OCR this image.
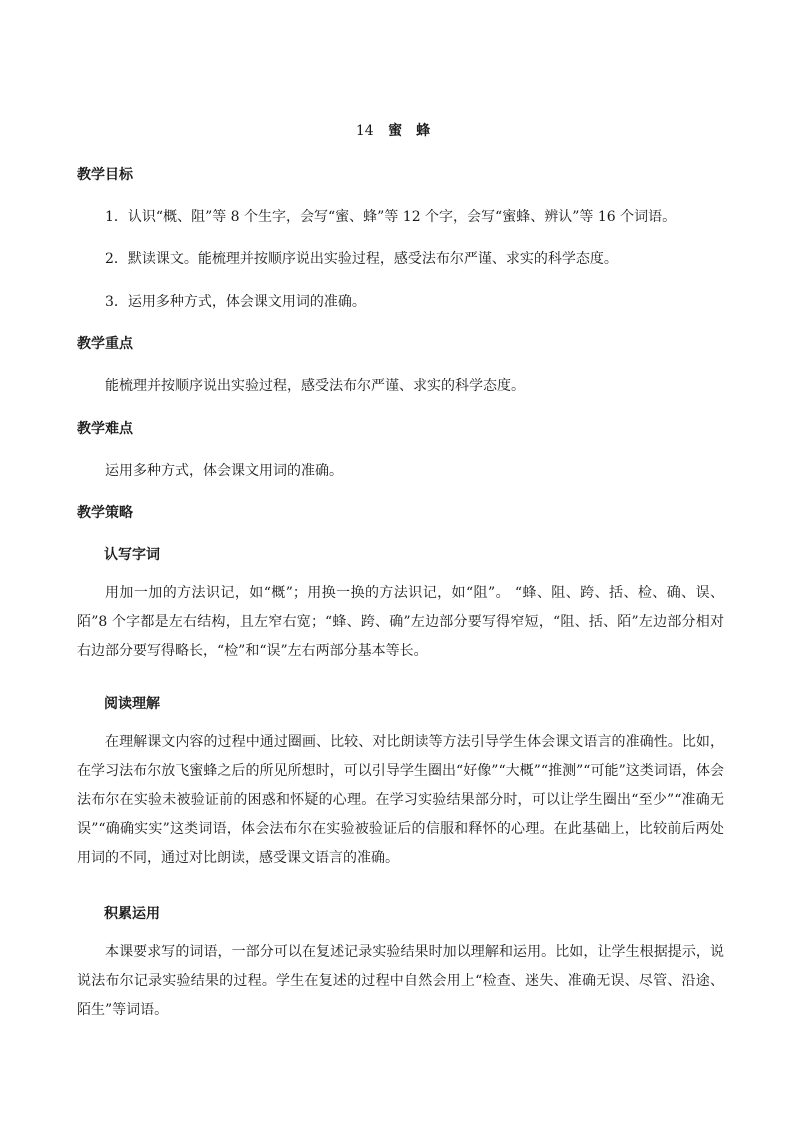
14 蜜蜂
教学目标
1．认识“概、阻”等 8 个生字，会写“蜜、蜂”等 12 个字，会写“蜜蜂、辨认”等 16 个词语。
2．默读课文。能梳理并按顺序说出实验过程，感受法布尔严谨、求实的科学态度。
3．运用多种方式，体会课文用词的准确。
教学重点
能梳理并按顺序说出实验过程，感受法布尔严谨、求实的科学态度。
教学难点
运用多种方式，体会课文用词的准确。
教学策略
认写字词
用加一加的方法识记，如“概”；用换一换的方法识记，如“阻”。 “蜂、阻、跨、括、检、确、误、陌”8 个字都是左右结构，且左窄右宽；“蜂、跨、确”左边部分要写得窄短，“阻、括、陌”左边部分相对右边部分要写得略长，“检”和“误”左右两部分基本等长。
阅读理解
在理解课文内容的过程中通过圈画、比较、对比朗读等方法引导学生体会课文语言的准确性。比如，在学习法布尔放飞蜜蜂之后的所见所想时，可以引导学生圈出“好像”“大概”“推测”“可能”这类词语，体会法布尔在实验未被验证前的困惑和怀疑的心理。在学习实验结果部分时，可以让学生圈出“至少”“准确无误”“确确实实”这类词语，体会法布尔在实验被验证后的信服和释怀的心理。在此基础上，比较前后两处用词的不同，通过对比朗读，感受课文语言的准确。
积累运用
本课要求写的词语，一部分可以在复述记录实验结果时加以理解和运用。比如，让学生根据提示，说说法布尔记录实验结果的过程。学生在复述的过程中自然会用上“检查、迷失、准确无误、尽管、沿途、陌生”等词语。
